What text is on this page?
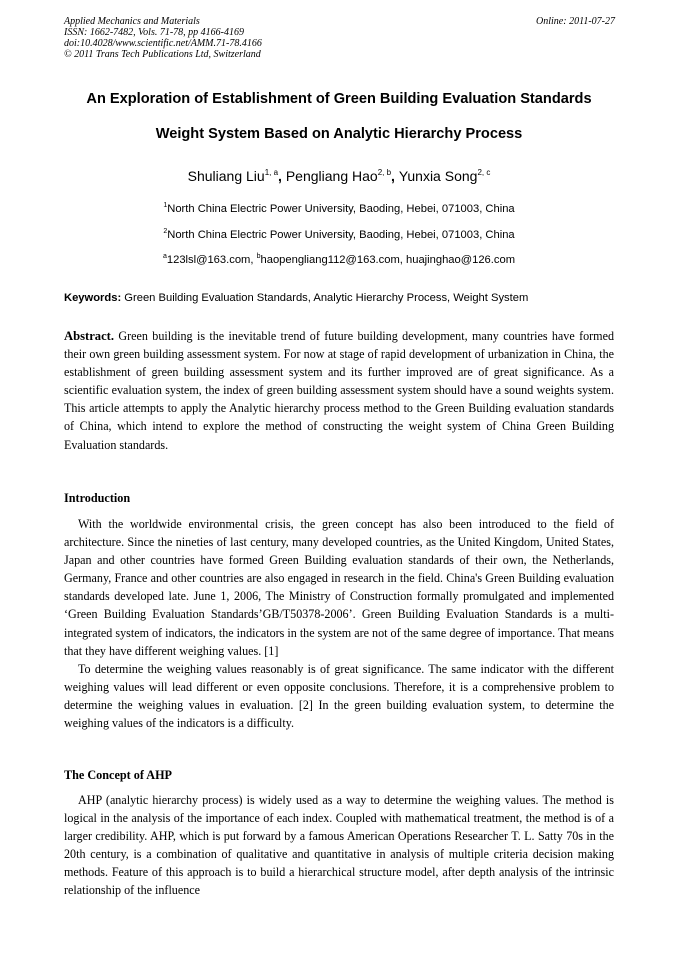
Applied Mechanics and Materials
ISSN: 1662-7482, Vols. 71-78, pp 4166-4169
doi:10.4028/www.scientific.net/AMM.71-78.4166
© 2011 Trans Tech Publications Ltd, Switzerland
Online: 2011-07-27
An Exploration of Establishment of Green Building Evaluation Standards
Weight System Based on Analytic Hierarchy Process
Shuliang Liu$^{1, a}$, Pengliang Hao$^{2, b}$, Yunxia Song$^{2, c}$
$^1$North China Electric Power University, Baoding, Hebei, 071003, China
$^2$North China Electric Power University, Baoding, Hebei, 071003, China
$^a$123lsl@163.com, $^b$haopengliang112@163.com, huajinghao@126.com
Keywords: Green Building Evaluation Standards, Analytic Hierarchy Process, Weight System

Abstract. Green building is the inevitable trend of future building development, many countries have formed their own green building assessment system. For now at stage of rapid development of urbanization in China, the establishment of green building assessment system and its further improved are of great significance. As a scientific evaluation system, the index of green building assessment system should have a sound weights system. This article attempts to apply the Analytic hierarchy process method to the Green Building evaluation standards of China, which intend to explore the method of constructing the weight system of China Green Building Evaluation standards.

Introduction

With the worldwide environmental crisis, the green concept has also been introduced to the field of architecture. Since the nineties of last century, many developed countries, as the United Kingdom, United States, Japan and other countries have formed Green Building evaluation standards of their own, the Netherlands, Germany, France and other countries are also engaged in research in the field. China's Green Building evaluation standards developed late. June 1, 2006, The Ministry of Construction formally promulgated and implemented ‘Green Building Evaluation Standards’GB/T50378-2006’. Green Building Evaluation Standards is a multi-integrated system of indicators, the indicators in the system are not of the same degree of importance. That means that they have different weighing values. [1]

To determine the weighing values reasonably is of great significance. The same indicator with the different weighing values will lead different or even opposite conclusions. Therefore, it is a comprehensive problem to determine the weighing values in evaluation. [2] In the green building evaluation system, to determine the weighing values of the indicators is a difficulty.

The Concept of AHP

AHP (analytic hierarchy process) is widely used as a way to determine the weighing values. The method is logical in the analysis of the importance of each index. Coupled with mathematical treatment, the method is of a larger credibility. AHP, which is put forward by a famous American Operations Researcher T. L. Satty 70s in the 20th century, is a combination of qualitative and quantitative in analysis of multiple criteria decision making methods. Feature of this approach is to build a hierarchical structure model, after depth analysis of the intrinsic relationship of the influence
